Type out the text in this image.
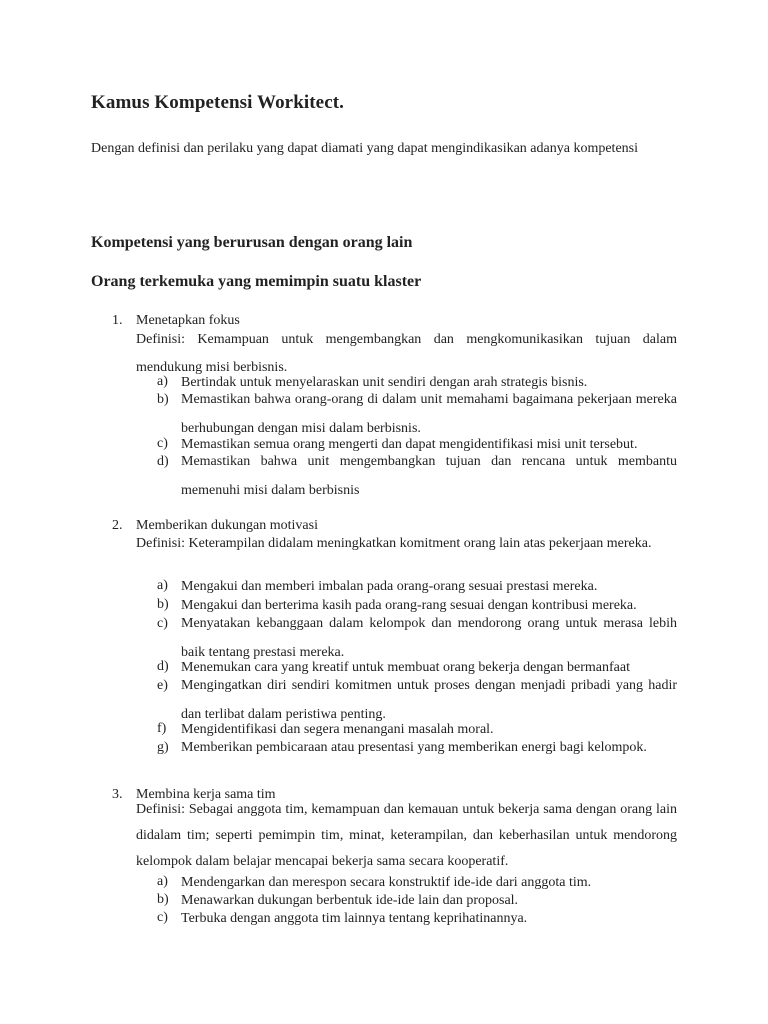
Kamus Kompetensi Workitect.

Dengan definisi dan perilaku yang dapat diamati yang dapat mengindikasikan adanya kompetensi

Kompetensi yang berurusan dengan orang lain
Orang terkemuka yang memimpin suatu klaster
1. Menetapkan fokus

Definisi: Kemampuan untuk mengembangkan dan mengkomunikasikan tujuan dalam mendukung misi berbisnis.

a) Bertindak untuk menyelaraskan unit sendiri dengan arah strategis bisnis.

b) Memastikan bahwa orang-orang di dalam unit memahami bagaimana pekerjaan mereka berhubungan dengan misi dalam berbisnis.

c) Memastikan semua orang mengerti dan dapat mengidentifikasi misi unit tersebut.

d) Memastikan bahwa unit mengembangkan tujuan dan rencana untuk membantu memenuhi misi dalam berbisnis

2. Memberikan dukungan motivasi

Definisi: Keterampilan didalam meningkatkan komitment orang lain atas pekerjaan mereka.

a) Mengakui dan memberi imbalan pada orang-orang sesuai prestasi mereka.

b) Mengakui dan berterima kasih pada orang-rang sesuai dengan kontribusi mereka.

c) Menyatakan kebanggaan dalam kelompok dan mendorong orang untuk merasa lebih baik tentang prestasi mereka.

d) Menemukan cara yang kreatif untuk membuat orang bekerja dengan bermanfaat

e) Mengingatkan diri sendiri komitmen untuk proses dengan menjadi pribadi yang hadir dan terlibat dalam peristiwa penting.

f) Mengidentifikasi dan segera menangani masalah moral.

g) Memberikan pembicaraan atau presentasi yang memberikan energi bagi kelompok.

3. Membina kerja sama tim

Definisi: Sebagai anggota tim, kemampuan dan kemauan untuk bekerja sama dengan orang lain didalam tim; seperti pemimpin tim, minat, keterampilan, dan keberhasilan untuk mendorong kelompok dalam belajar mencapai bekerja sama secara kooperatif.

a) Mendengarkan dan merespon secara konstruktif ide-ide dari anggota tim.

b) Menawarkan dukungan berbentuk ide-ide lain dan proposal.

c) Terbuka dengan anggota tim lainnya tentang keprihatinannya.
